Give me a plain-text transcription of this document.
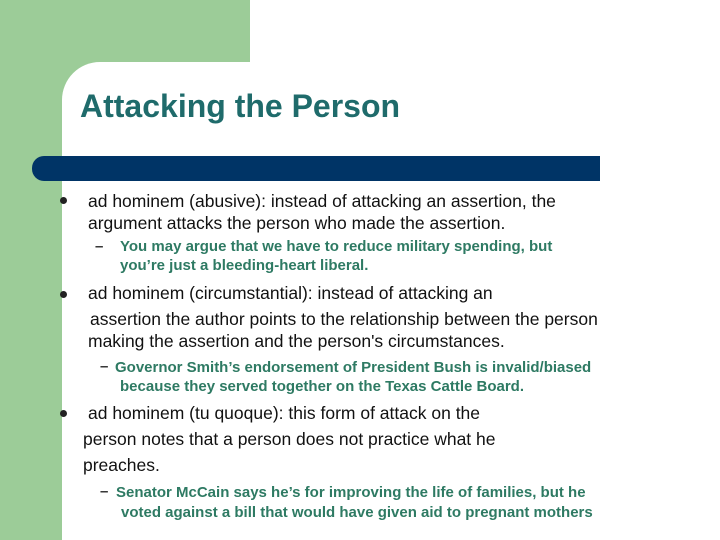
Attacking the Person

ad hominem (abusive): instead of attacking an assertion, the

argument attacks the person who made the assertion.

– You may argue that we have to reduce military spending, but

you’re just a bleeding-heart liberal.

ad hominem (circumstantial): instead of attacking an

assertion the author points to the relationship between the person

making the assertion and the person's circumstances.

– Governor Smith’s endorsement of President Bush is invalid/biased

because they served together on the Texas Cattle Board.

ad hominem (tu quoque): this form of attack on the

person notes that a person does not practice what he

preaches.

– Senator McCain says he’s for improving the life of families, but he

voted against a bill that would have given aid to pregnant mothers
